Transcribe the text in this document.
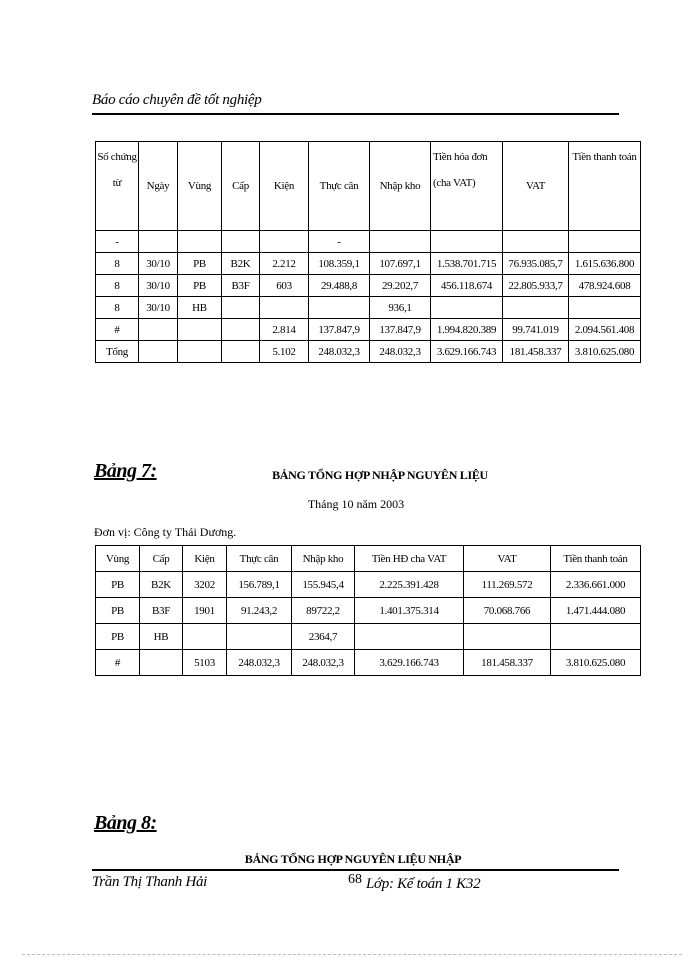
Báo cáo chuyên đề tốt nghiệp
Số chứng từ	Ngày	Vùng	Cấp	Kiện	Thực cân	Nhập kho	Tiền hóa đơn (cha VAT)	VAT	Tiền thanh toán
-					-				
8	30/10	PB	B2K	2.212	108.359,1	107.697,1	1.538.701.715	76.935.085,7	1.615.636.800
8	30/10	PB	B3F	603	29.488,8	29.202,7	456.118.674	22.805.933,7	478.924.608
8	30/10	HB				936,1			
#				2.814	137.847,9	137.847,9	1.994.820.389	99.741.019	2.094.561.408
Tổng				5.102	248.032,3	248.032,3	3.629.166.743	181.458.337	3.810.625.080
Bảng 7:	BẢNG TỔNG HỢP NHẬP NGUYÊN LIỆU
Tháng 10 năm 2003
Đơn vị: Công ty Thái Dương.
Vùng	Cấp	Kiện	Thực cân	Nhập kho	Tiền HĐ cha VAT	VAT	Tiền thanh toán
PB	B2K	3202	156.789,1	155.945,4	2.225.391.428	111.269.572	2.336.661.000
PB	B3F	1901	91.243,2	89722,2	1.401.375.314	70.068.766	1.471.444.080
PB	HB			2364,7			
#		5103	248.032,3	248.032,3	3.629.166.743	181.458.337	3.810.625.080
Bảng 8:
BẢNG TỔNG HỢP NGUYÊN LIỆU NHẬP
Trần Thị Thanh Hải	68 Lớp: Kế toán 1 K32
